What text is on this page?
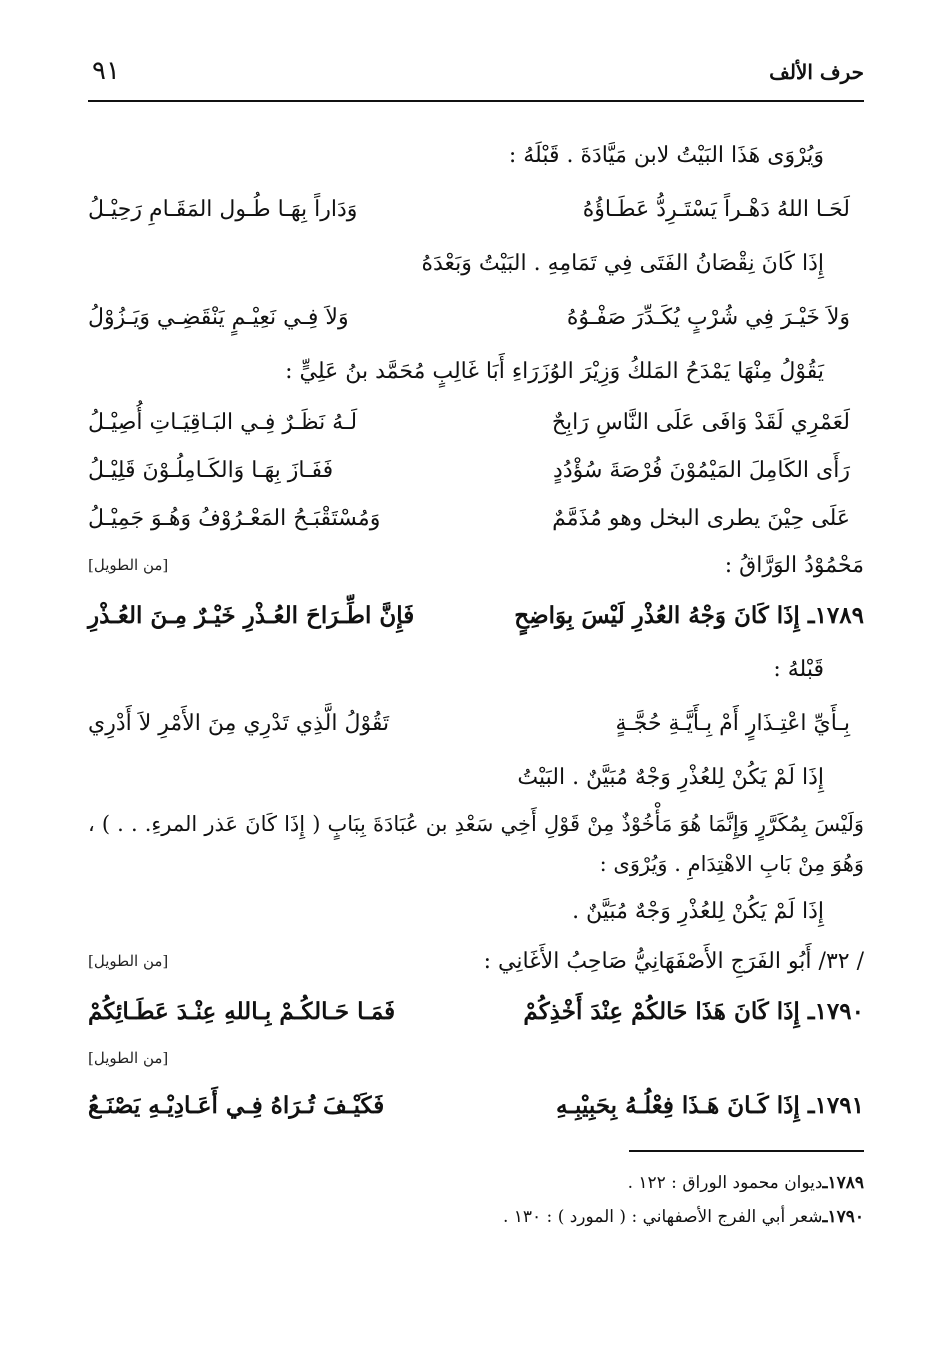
حرف الألف
٩١
وَيُرْوَى هَذَا البَيْتُ لابن مَيَّادَةَ . قَبْلَهُ :
لَحَـا اللهُ دَهْـراً يَسْتَـرِدُّ عَطَـاؤُهُ
وَدَاراً بِهَـا طُـول المَقَـامِ رَحِيْـلُ
إِذَا كَانَ نِقْصَانُ الفَتَى فِي تَمَامِهِ . البَيْتُ وَبَعْدَهُ
وَلاَ خَيْـرَ فِي شُرْبٍ يُكَـدِّرَ صَفْـوُهُ
وَلاَ فِـي نَعِيْـمٍ يَنْقَضِـي وَيَـزُوْلُ
يَقُوْلُ مِنْهَا يَمْدَحُ المَلكُ وَزِيْرَ الوُزَرَاءِ أَبَا غَالِبٍ مُحَمَّد بنُ عَلِيٍّ :
لَعَمْرِي لَقَدْ وَافَى عَلَى النَّاسِ رَابِحٌ
لَـهُ نَظَـرٌ فِـي البَـاقِيَـاتِ أُصِيْـلُ
رَأَى الكَامِلَ المَيْمُوْنَ فُرْصَةَ سُؤْدُدٍ
فَفَـازَ بِهَـا وَالكَـامِلُـوْنَ قَلِيْـلُ
عَلَى حِيْنَ يطرى البخل وهو مُذَمَّمٌ
وَمُسْتَقْبَـحُ المَعْـرُوْفُ وَهُـوَ جَمِيْـلُ
مَحْمُوْدُ الوَرَّاقُ :
[من الطويل]
١٧٨٩ـ إِذَا كَانَ وَجْهُ العُذْرِ لَيْسَ بِوَاضِحٍ
فَإِنَّ اطِّـرَاحَ العُـذْرِ خَيْـرٌ مِـنَ العُـذْرِ
قَبْلهُ :
بِـأَيِّ اعْتِـذَارٍ أَمْ بِـأَيَّـةِ حُجَّـةٍ
تَقُوْلُ الَّذِي تَدْرِي مِنَ الأَمْرِ لاَ أَدْرِي
إِذَا لَمْ يَكُنْ لِلعُذْرِ وَجْهٌ مُبَيَّنٌ . البَيْتُ
وَلَيْسَ بِمُكَرَّرٍ وَإِنَّمَا هُوَ مَأْخُوْذٌ مِنْ قَوْلِ أَخِي سَعْدِ بن عُبَادَةَ بِبَابٍ ( إِذَا كَانَ عَذر المرءِ. . . ) ، وَهُوَ مِنْ بَابِ الاهْتِدَامِ . وَيُرْوَى :
إِذَا لَمْ يَكُنْ لِلعُذْرِ وَجْهٌ مُبَيَّنٌ .
/ ٣٢/ أَبُو الفَرَجِ الأَصْفَهَانِيُّ صَاحِبُ الأَغَانِي :
[من الطويل]
١٧٩٠ـ إِذَا كَانَ هَذَا حَالكُمْ عِنْدَ أَخْذِكُمْ
فَمَـا حَـالكُـمْ بِـاللهِ عِنْـدَ عَطَـائِكُمْ
[من الطويل]
١٧٩١ـ إِذَا كَـانَ هَـذَا فِعْلُـهُ بِحَبِيْبِـهِ
فَكَيْـفَ تُـرَاهُ فِـي أَعَـادِيْـهِ يَصْنَـعُ
١٧٨٩ـ
ديوان محمود الوراق : ١٢٢ .
١٧٩٠ـ
شعر أبي الفرج الأصفهاني : ( المورد ) : ١٣٠ .
